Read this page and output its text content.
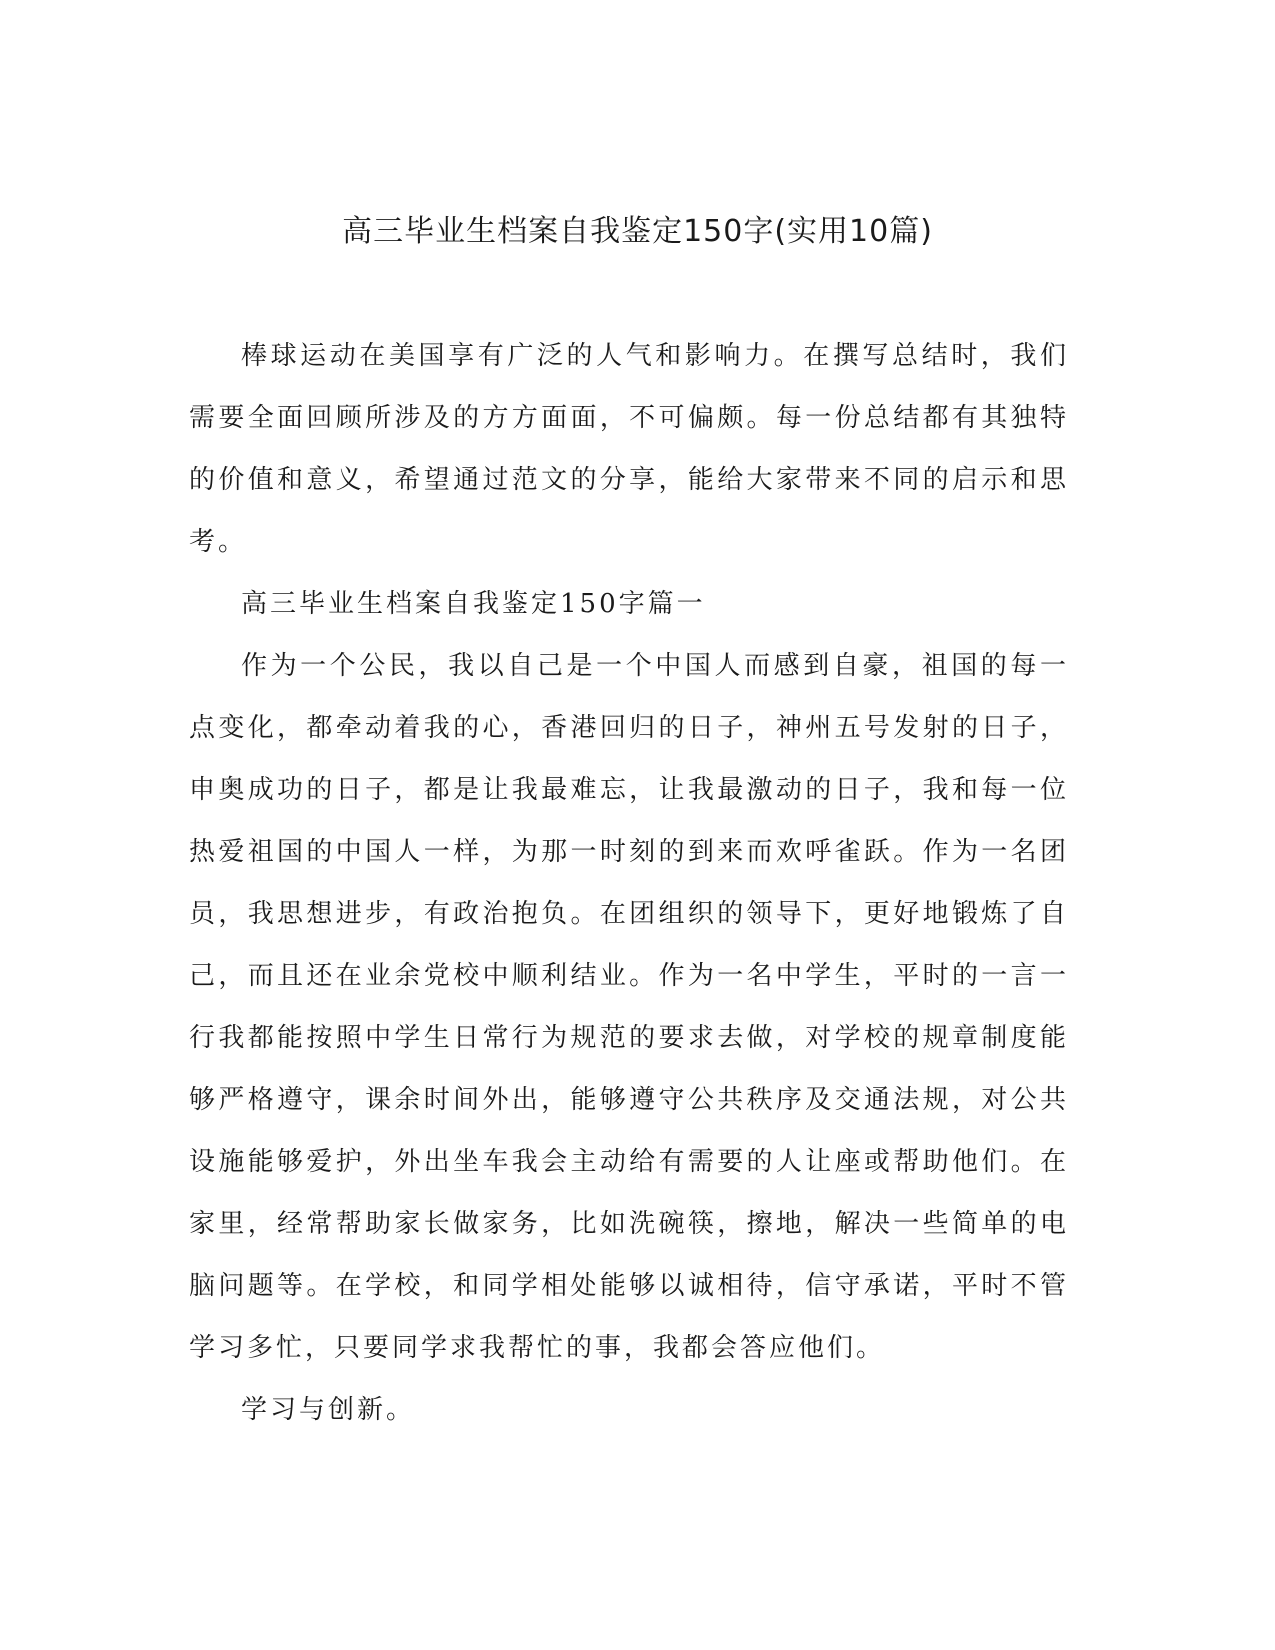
高三毕业生档案自我鉴定150字(实用10篇)

棒球运动在美国享有广泛的人气和影响力。在撰写总结时，我们需要全面回顾所涉及的方方面面，不可偏颇。每一份总结都有其独特的价值和意义，希望通过范文的分享，能给大家带来不同的启示和思考。

高三毕业生档案自我鉴定150字篇一

作为一个公民，我以自己是一个中国人而感到自豪，祖国的每一点变化，都牵动着我的心，香港回归的日子，神州五号发射的日子，申奥成功的日子，都是让我最难忘，让我最激动的日子，我和每一位热爱祖国的中国人一样，为那一时刻的到来而欢呼雀跃。作为一名团员，我思想进步，有政治抱负。在团组织的领导下，更好地锻炼了自己，而且还在业余党校中顺利结业。作为一名中学生，平时的一言一行我都能按照中学生日常行为规范的要求去做，对学校的规章制度能够严格遵守，课余时间外出，能够遵守公共秩序及交通法规，对公共设施能够爱护，外出坐车我会主动给有需要的人让座或帮助他们。在家里，经常帮助家长做家务，比如洗碗筷，擦地，解决一些简单的电脑问题等。在学校，和同学相处能够以诚相待，信守承诺，平时不管学习多忙，只要同学求我帮忙的事，我都会答应他们。

学习与创新。
